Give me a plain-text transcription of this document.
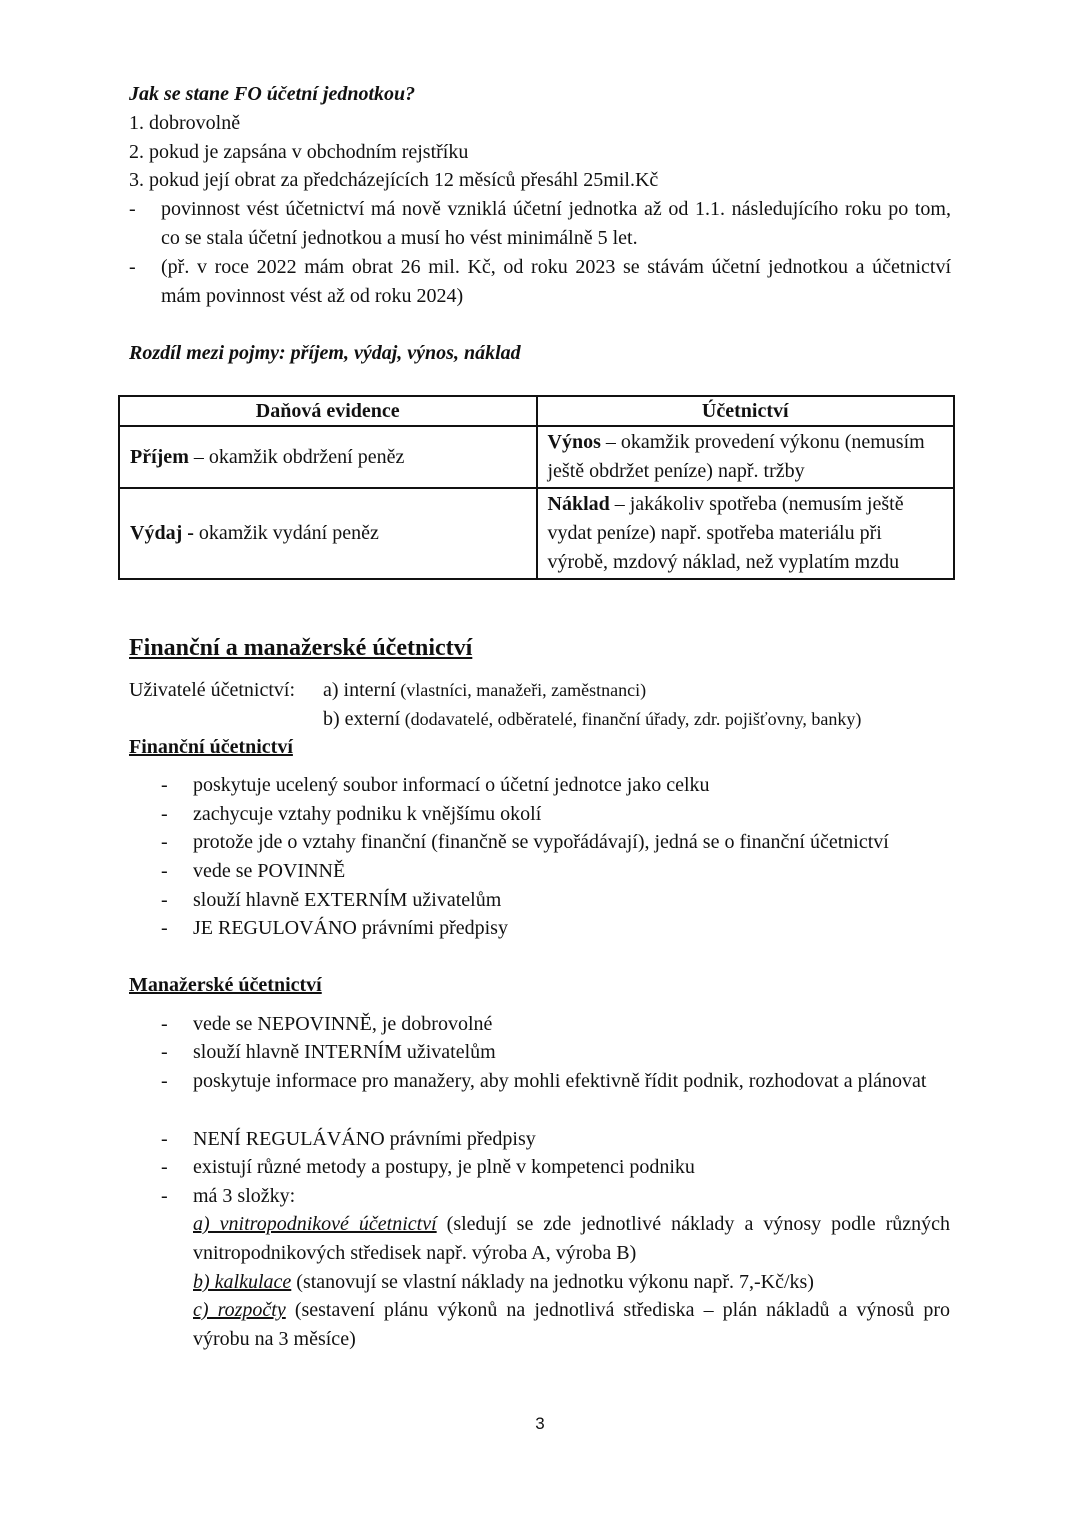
Jak se stane FO účetní jednotkou?
1. dobrovolně
2. pokud je zapsána v obchodním rejstříku
3. pokud její obrat za předcházejících 12 měsíců přesáhl 25mil.Kč
-	povinnost vést účetnictví má nově vzniklá účetní jednotka až od 1.1. následujícího roku po tom, co se stala účetní jednotkou a musí ho vést minimálně 5 let.
-	(př. v roce 2022 mám obrat 26 mil. Kč, od roku 2023 se stávám účetní jednotkou a účetnictví mám povinnost vést až od roku 2024)
Rozdíl mezi pojmy: příjem, výdaj, výnos, náklad
Daňová evidence	Účetnictví
Příjem – okamžik obdržení peněz	Výnos – okamžik provedení výkonu (nemusím ještě obdržet peníze) např. tržby
Výdaj - okamžik vydání peněz	Náklad – jakákoliv spotřeba (nemusím ještě vydat peníze) např. spotřeba materiálu při výrobě, mzdový náklad, než vyplatím mzdu
Finanční a manažerské účetnictví
Uživatelé účetnictví: a) interní (vlastníci, manažeři, zaměstnanci)
b) externí (dodavatelé, odběratelé, finanční úřady, zdr. pojišťovny, banky)
Finanční účetnictví
-	poskytuje ucelený soubor informací o účetní jednotce jako celku
-	zachycuje vztahy podniku k vnějšímu okolí
-	protože jde o vztahy finanční (finančně se vypořádávají), jedná se o finanční účetnictví
-	vede se POVINNĚ
-	slouží hlavně EXTERNÍM uživatelům
-	JE REGULOVÁNO právními předpisy
Manažerské účetnictví
-	vede se NEPOVINNĚ, je dobrovolné
-	slouží hlavně INTERNÍM uživatelům
-	poskytuje informace pro manažery, aby mohli efektivně řídit podnik, rozhodovat a plánovat
-	NENÍ REGULÁVÁNO právními předpisy
-	existují různé metody a postupy, je plně v kompetenci podniku
-	má 3 složky:
a) vnitropodnikové účetnictví (sledují se zde jednotlivé náklady a výnosy podle různých vnitropodnikových středisek např. výroba A, výroba B)
b) kalkulace (stanovují se vlastní náklady na jednotku výkonu např. 7,-Kč/ks)
c) rozpočty (sestavení plánu výkonů na jednotlivá střediska – plán nákladů a výnosů pro výrobu na 3 měsíce)
3
